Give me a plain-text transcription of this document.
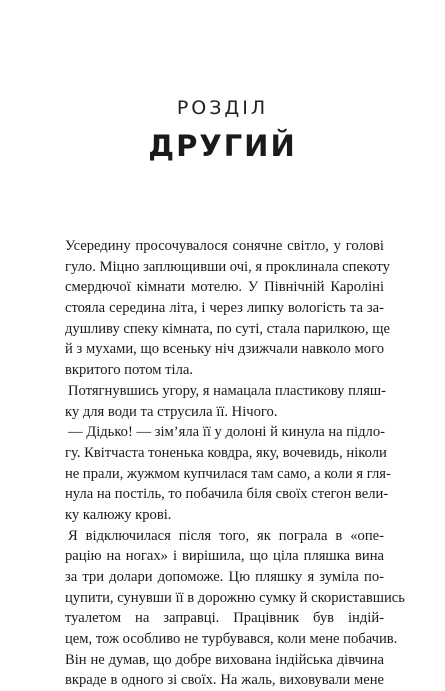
РОЗДІЛ
ДРУГИЙ
Усередину просочувалося сонячне світло, у голові
гуло. Міцно заплющивши очі, я проклинала спекоту
смердючої кімнати мотелю. У Північній Кароліні
стояла середина літа, і через липку вологість та за-
душливу спеку кімната, по суті, стала парилкою, ще
й з мухами, що всеньку ніч дзижчали навколо мого
вкритого потом тіла.
Потягнувшись угору, я намацала пластикову пляш-
ку для води та струсила її. Нічого.
— Дідько! — зім’яла її у долоні й кинула на підло-
гу. Квітчаста тоненька ковдра, яку, вочевидь, ніколи
не прали, жужмом купчилася там само, а коли я гля-
нула на постіль, то побачила біля своїх стегон вели-
ку калюжу крові.
Я відключилася після того, як пограла в «опе-
рацію на ногах» і вирішила, що ціла пляшка вина
за три долари допоможе. Цю пляшку я зуміла по-
цупити, сунувши її в дорожню сумку й скориставшись
туалетом на заправці. Працівник був індій-
цем, тож особливо не турбувався, коли мене побачив.
Він не думав, що добре вихована індійська дівчина
вкраде в одного зі своїх. На жаль, виховували мене
